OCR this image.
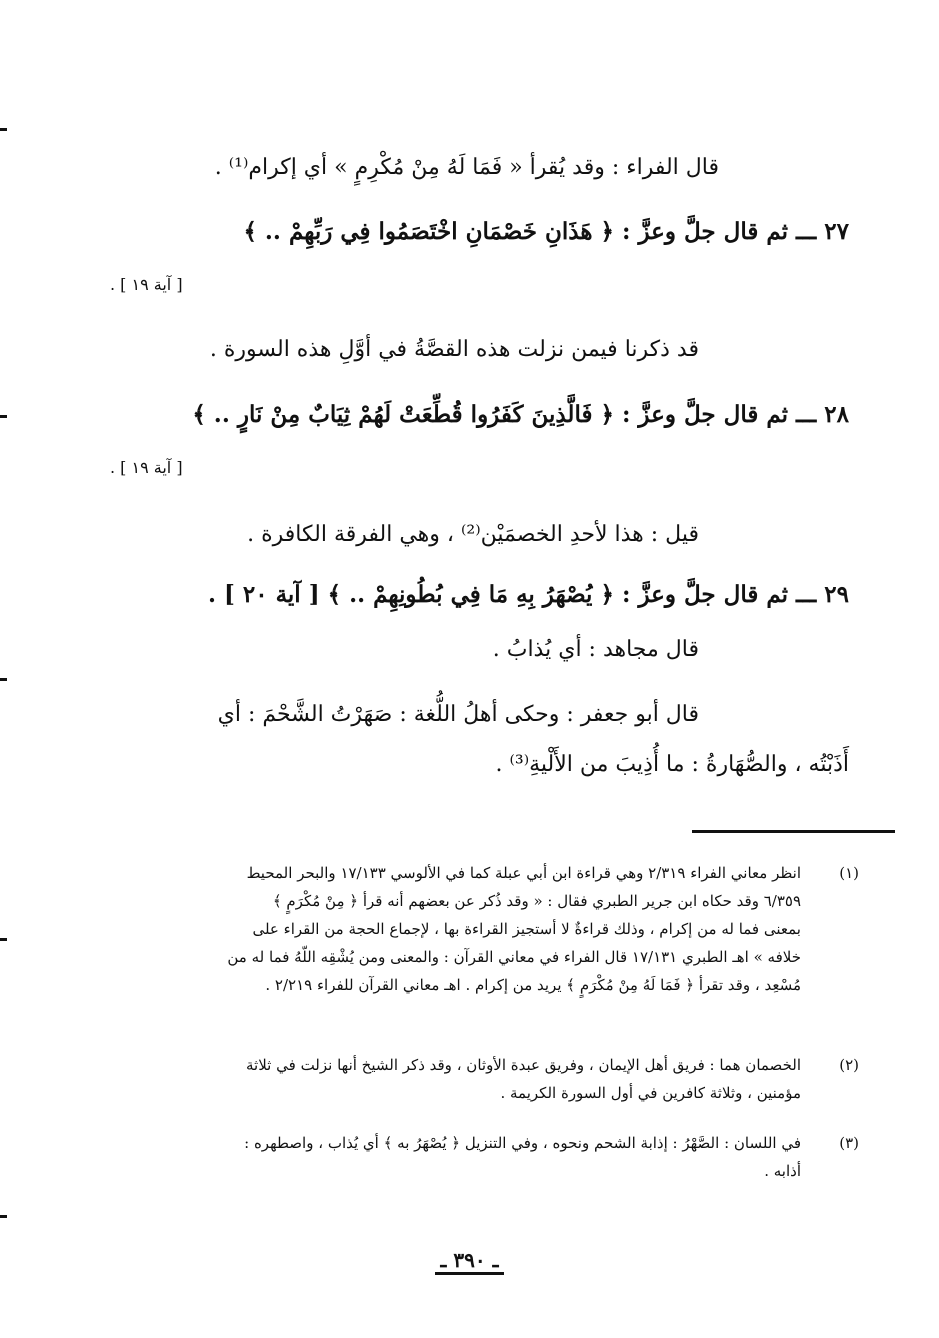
قال الفراء : وقد يُقرأ « فَمَا لَهُ مِنْ مُكْرِمٍ » أي إكرام⁽¹⁾ .
٢٧ ـــ ثم قال جلَّ وعزَّ : ﴿ هَذَانِ خَصْمَانِ اخْتَصَمُوا فِي رَبِّهِمْ .. ﴾
[ آية ١٩ ] .
قد ذكرنا فيمن نزلت هذه القصَّةُ في أوَّلِ هذه السورة .
٢٨ ـــ ثم قال جلَّ وعزَّ : ﴿ فَالَّذِينَ كَفَرُوا قُطِّعَتْ لَهُمْ ثِيَابٌ مِنْ نَارٍ .. ﴾
[ آية ١٩ ] .
قيل : هذا لأحدِ الخصمَيْن⁽²⁾ ، وهي الفرقة الكافرة .
٢٩ ـــ ثم قال جلَّ وعزَّ : ﴿ يُصْهَرُ بِهِ مَا فِي بُطُونِهِمْ .. ﴾ [ آية ٢٠ ] .
قال مجاهد : أي يُذابُ .
قال أبو جعفر : وحكى أهلُ اللُّغة : صَهَرْتُ الشَّحْمَ : أي
أَذَبْتُه ، والصُّهَارةُ : ما أُذِيبَ من الأَلْيةِ⁽³⁾ .
(١)
انظر معاني الفراء ٢/٣١٩ وهي قراءة ابن أبي عبلة كما في الألوسي ١٧/١٣٣ والبحر المحيط
٦/٣٥٩ وقد حكاه ابن جرير الطبري فقال : « وقد ذُكر عن بعضهم أنه قرأ ﴿ مِنْ مُكْرَمٍ ﴾
بمعنى فما له من إكرام ، وذلك قراءةٌ لا أستجيز القراءة بها ، لإجماع الحجة من القراء على
خلافه » اهـ الطبري ١٧/١٣١ قال الفراء في معاني القرآن : والمعنى ومن يُشْقِه اللّهُ فما له من
مُسْعِد ، وقد تقرأ ﴿ فَمَا لَهُ مِنْ مُكْرَمٍ ﴾ يريد من إكرام . اهـ معاني القرآن للفراء ٢/٢١٩ .
(٢)
الخصمان هما : فريق أهل الإيمان ، وفريق عبدة الأوثان ، وقد ذكر الشيخ أنها نزلت في ثلاثة
مؤمنين ، وثلاثة كافرين في أول السورة الكريمة .
(٣)
في اللسان : الصَّهْرُ : إذابة الشحم ونحوه ، وفي التنزيل ﴿ يُصْهَرُ به ﴾ أي يُذاب ، واصطهره :
أذابه .
ـ ٣٩٠ ـ
